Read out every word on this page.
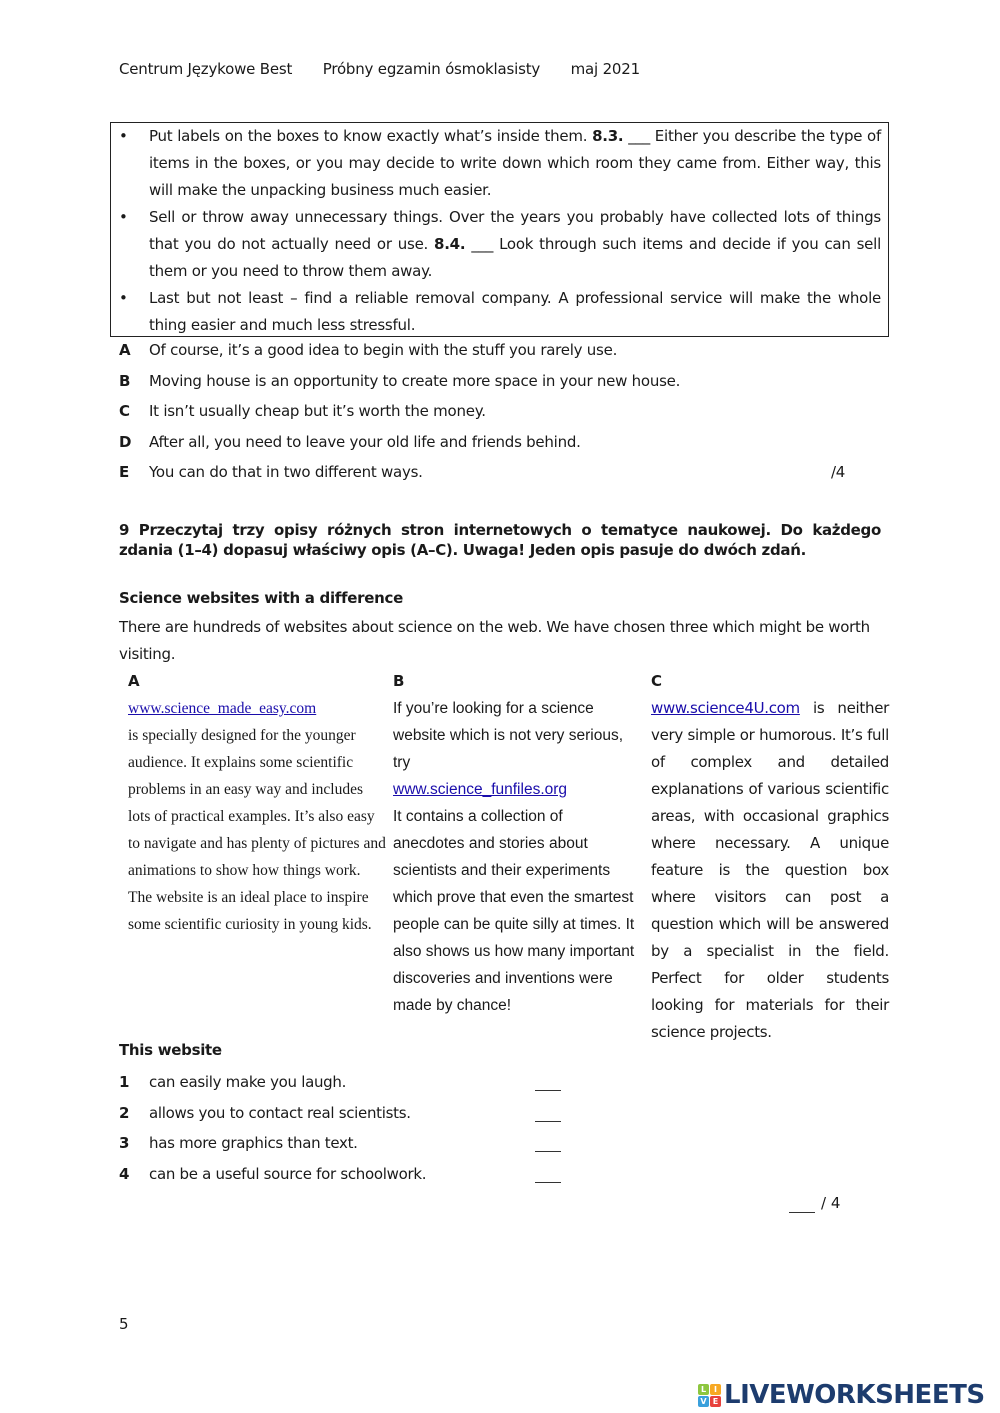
Centrum Językowe Best Próbny egzamin ósmoklasisty maj 2021
• Put labels on the boxes to know exactly what’s inside them. 8.3. ___ Either you describe the type of items in the boxes, or you may decide to write down which room they came from. Either way, this will make the unpacking business much easier.
• Sell or throw away unnecessary things. Over the years you probably have collected lots of things that you do not actually need or use. 8.4. ___ Look through such items and decide if you can sell them or you need to throw them away.
• Last but not least – find a reliable removal company. A professional service will make the whole thing easier and much less stressful.
A Of course, it’s a good idea to begin with the stuff you rarely use.
B Moving house is an opportunity to create more space in your new house.
C It isn’t usually cheap but it’s worth the money.
D After all, you need to leave your old life and friends behind.
E You can do that in two different ways.	/4
9 Przeczytaj trzy opisy różnych stron internetowych o tematyce naukowej. Do każdego zdania (1–4) dopasuj właściwy opis (A–C). Uwaga! Jeden opis pasuje do dwóch zdań.
Science websites with a difference
There are hundreds of websites about science on the web. We have chosen three which might be worth visiting.
A
www.science_made_easy.com
is specially designed for the younger audience. It explains some scientific problems in an easy way and includes lots of practical examples. It’s also easy to navigate and has plenty of pictures and animations to show how things work. The website is an ideal place to inspire some scientific curiosity in young kids.
B
If you’re looking for a science website which is not very serious, try
www.science_funfiles.org
It contains a collection of anecdotes and stories about scientists and their experiments which prove that even the smartest people can be quite silly at times. It also shows us how many important discoveries and inventions were made by chance!
C
www.science4U.com is neither very simple or humorous. It’s full of complex and detailed explanations of various scientific areas, with occasional graphics where necessary. A unique feature is the question box where visitors can post a question which will be answered by a specialist in the field. Perfect for older students looking for materials for their science projects.
This website
1 can easily make you laugh.
2 allows you to contact real scientists.
3 has more graphics than text.
4 can be a useful source for schoolwork.
/ 4
5
L I
V E LIVEWORKSHEETS
